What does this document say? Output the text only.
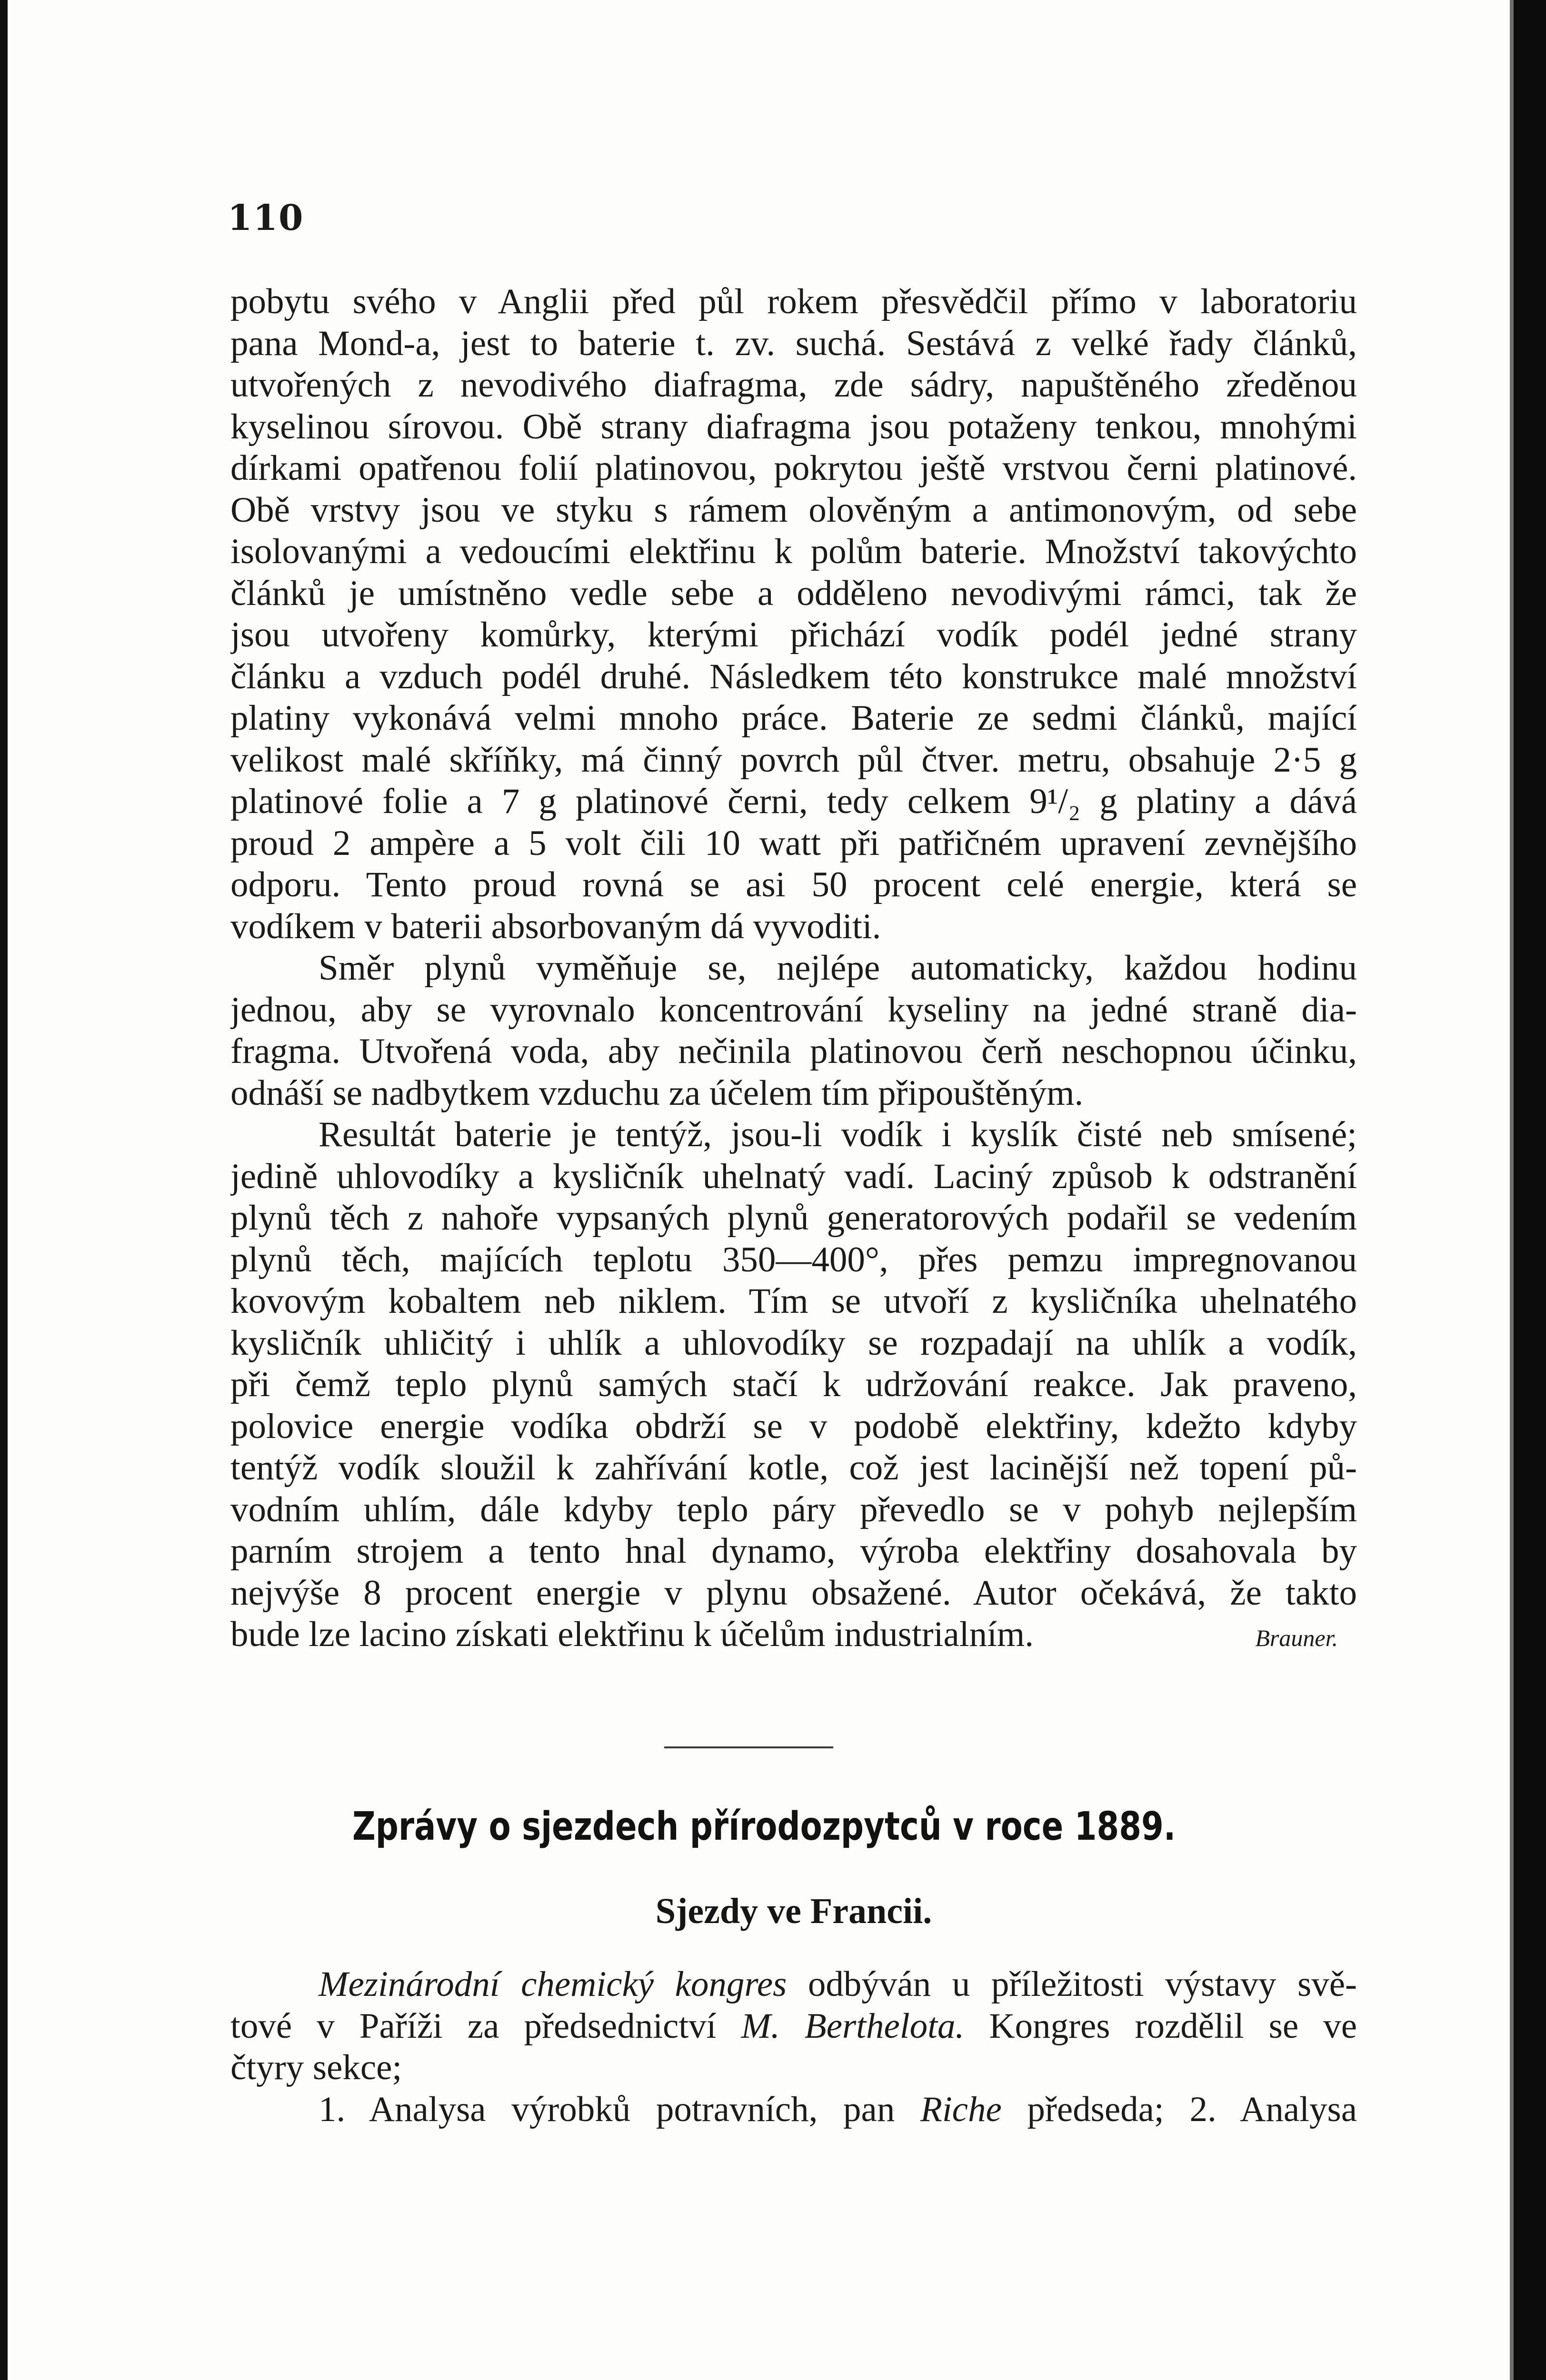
110

pobytu svého v Anglii před půl rokem přesvědčil přímo v laboratoriu
pana Mond-a, jest to baterie t. zv. suchá. Sestává z velké řady článků,
utvořených z nevodivého diafragma, zde sádry, napuštěného zředěnou
kyselinou sírovou. Obě strany diafragma jsou potaženy tenkou, mnohými
dírkami opatřenou folií platinovou, pokrytou ještě vrstvou černi platinové.
Obě vrstvy jsou ve styku s rámem olověným a antimonovým, od sebe
isolovanými a vedoucími elektřinu k polům baterie. Množství takovýchto
článků je umístněno vedle sebe a odděleno nevodivými rámci, tak že
jsou utvořeny komůrky, kterými přichází vodík podél jedné strany
článku a vzduch podél druhé. Následkem této konstrukce malé množství
platiny vykonává velmi mnoho práce. Baterie ze sedmi článků, mající
velikost malé skříňky, má činný povrch půl čtver. metru, obsahuje 2·5 g
platinové folie a 7 g platinové černi, tedy celkem 9¹/₂ g platiny a dává
proud 2 ampère a 5 volt čili 10 watt při patřičném upravení zevnějšího
odporu. Tento proud rovná se asi 50 procent celé energie, která se
vodíkem v baterii absorbovaným dá vyvoditi.

Směr plynů vyměňuje se, nejlépe automaticky, každou hodinu
jednou, aby se vyrovnalo koncentrování kyseliny na jedné straně dia-
fragma. Utvořená voda, aby nečinila platinovou čerň neschopnou účinku,
odnáší se nadbytkem vzduchu za účelem tím připouštěným.

Resultát baterie je tentýž, jsou-li vodík i kyslík čisté neb smísené;
jedině uhlovodíky a kysličník uhelnatý vadí. Laciný způsob k odstranění
plynů těch z nahoře vypsaných plynů generatorových podařil se vedením
plynů těch, majících teplotu 350—400°, přes pemzu impregnovanou
kovovým kobaltem neb niklem. Tím se utvoří z kysličníka uhelnatého
kysličník uhličitý i uhlík a uhlovodíky se rozpadají na uhlík a vodík,
při čemž teplo plynů samých stačí k udržování reakce. Jak praveno,
polovice energie vodíka obdrží se v podobě elektřiny, kdežto kdyby
tentýž vodík sloužil k zahřívání kotle, což jest lacinější než topení pů-
vodním uhlím, dále kdyby teplo páry převedlo se v pohyb nejlepším
parním strojem a tento hnal dynamo, výroba elektřiny dosahovala by
nejvýše 8 procent energie v plynu obsažené. Autor očekává, že takto

bude lze lacino získati elektřinu k účelům industrialním.	Brauner.
Zprávy o sjezdech přírodozpytců v roce 1889.
Sjezdy ve Francii.
Mezinárodní chemický kongres odbýván u příležitosti výstavy svě-
tové v Paříži za předsednictví M. Berthelota. Kongres rozdělil se ve
čtyry sekce;
1. Analysa výrobků potravních, pan Riche předseda; 2. Analysa
